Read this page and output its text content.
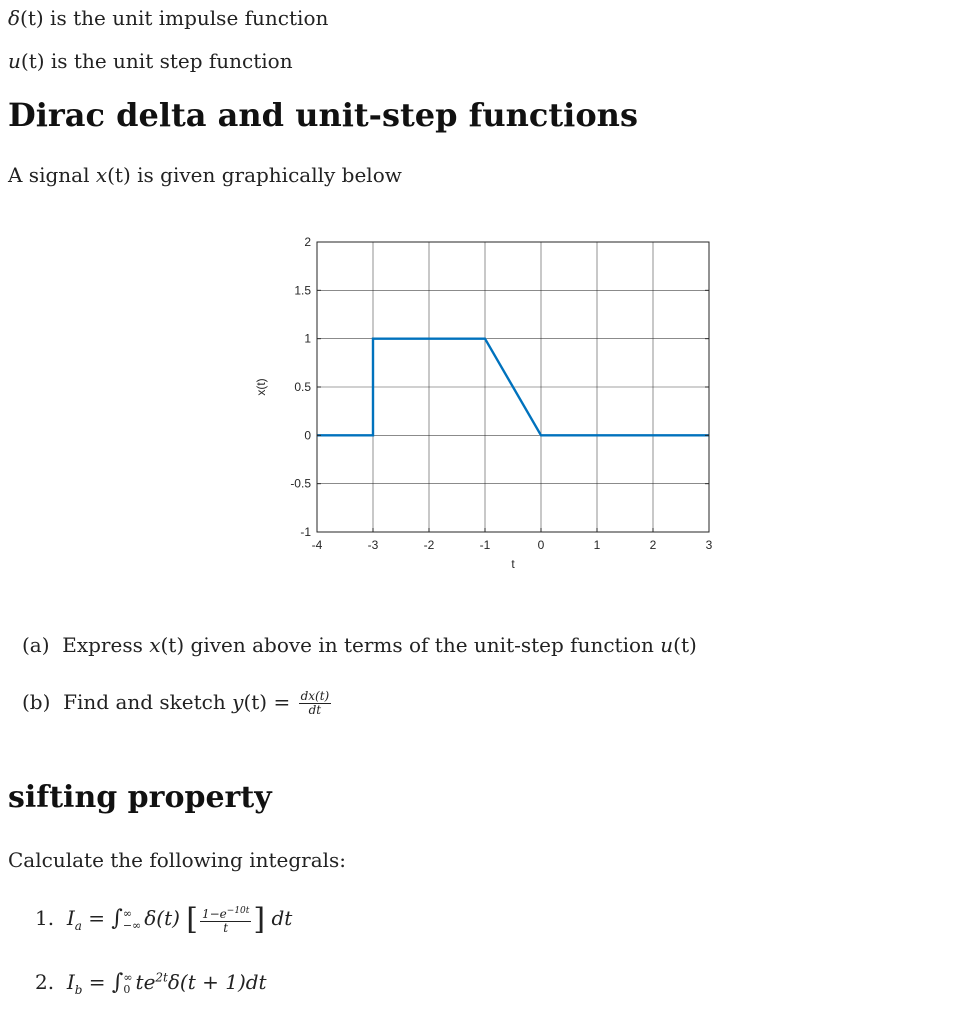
δ(t) is the unit impulse function
u(t) is the unit step function
Dirac delta and unit-step functions
A signal x(t) is given graphically below
-4	-3	-2	-1	0	1	2	3
2
1.5
1
0.5
0
-0.5
-1
t
x(t)
(a) Express x(t) given above in terms of the unit-step function u(t)
(b) Find and sketch $y(t) = \frac{dx(t)}{dt}$
sifting property
Calculate the following integrals:
1. $I_a$ = ∫ ∞
−∞ δ(t) [ $\frac{1-e^{-10t}}{t}$ ] dt
2. $I_b$ = ∫ ∞
0 $te^{2t}\delta(t + 1)dt$
